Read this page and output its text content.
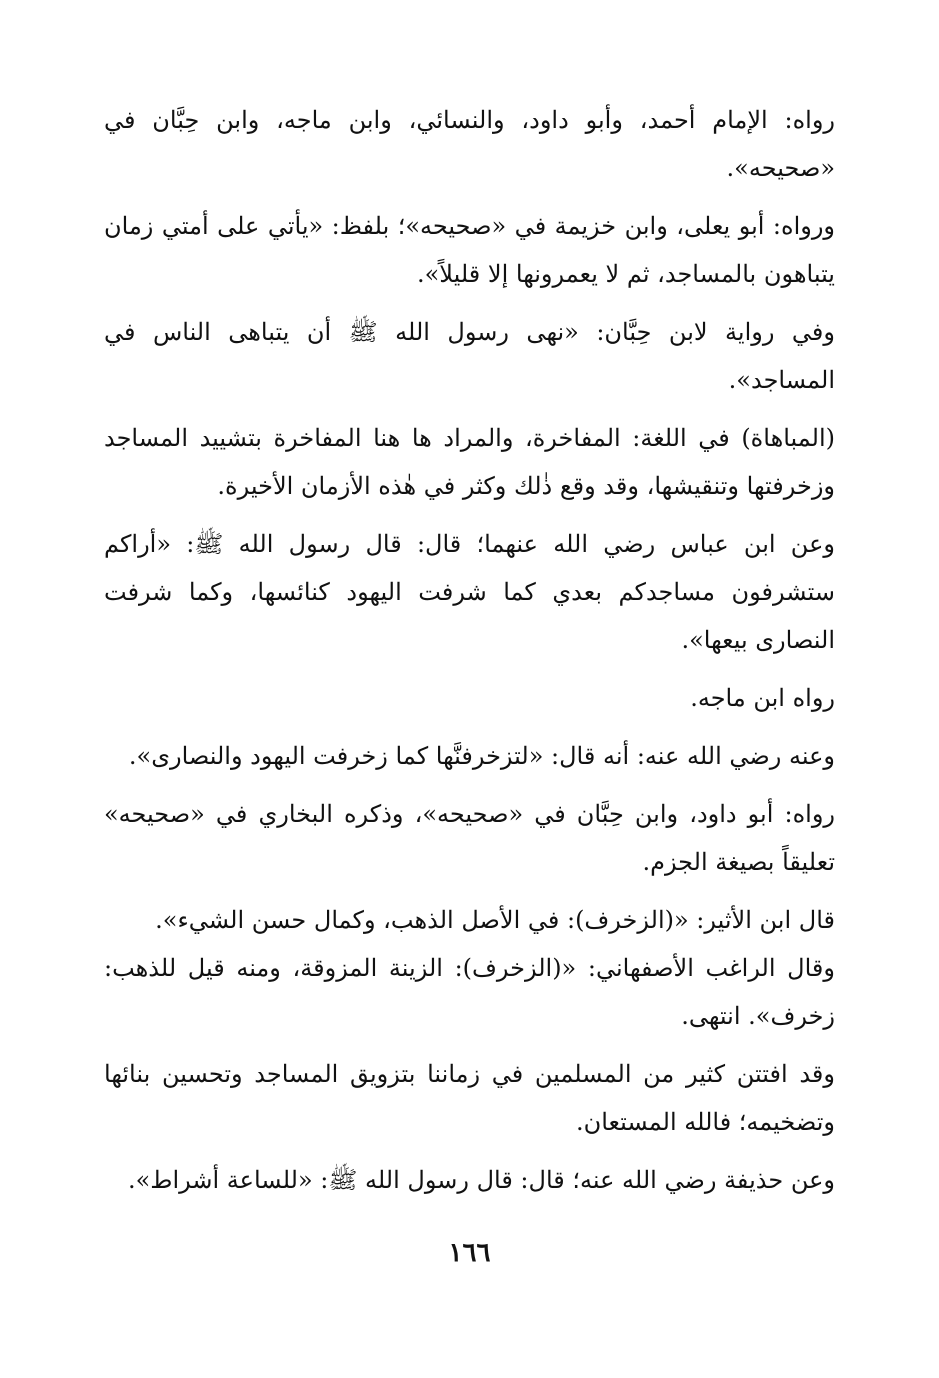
رواه: الإمام أحمد، وأبو داود، والنسائي، وابن ماجه، وابن حِبَّان في «صحيحه».

ورواه: أبو يعلى، وابن خزيمة في «صحيحه»؛ بلفظ: «يأتي على أمتي زمان يتباهون بالمساجد، ثم لا يعمرونها إلا قليلاً».

وفي رواية لابن حِبَّان: «نهى رسول الله ﷺ أن يتباهى الناس في المساجد».

(المباهاة) في اللغة: المفاخرة، والمراد ها هنا المفاخرة بتشييد المساجد وزخرفتها وتنقيشها، وقد وقع ذٰلك وكثر في هٰذه الأزمان الأخيرة.

وعن ابن عباس رضي الله عنهما؛ قال: قال رسول الله ﷺ: «أراكم ستشرفون مساجدكم بعدي كما شرفت اليهود كنائسها، وكما شرفت النصارى بيعها».

رواه ابن ماجه.

وعنه رضي الله عنه: أنه قال: «لتزخرفنَّها كما زخرفت اليهود والنصارى».

رواه: أبو داود، وابن حِبَّان في «صحيحه»، وذكره البخاري في «صحيحه» تعليقاً بصيغة الجزم.

قال ابن الأثير: «(الزخرف): في الأصل الذهب، وكمال حسن الشيء».

وقال الراغب الأصفهاني: «(الزخرف): الزينة المزوقة، ومنه قيل للذهب: زخرف». انتهى.

وقد افتتن كثير من المسلمين في زماننا بتزويق المساجد وتحسين بنائها وتضخيمه؛ فالله المستعان.

وعن حذيفة رضي الله عنه؛ قال: قال رسول الله ﷺ: «للساعة أشراط».

١٦٦
